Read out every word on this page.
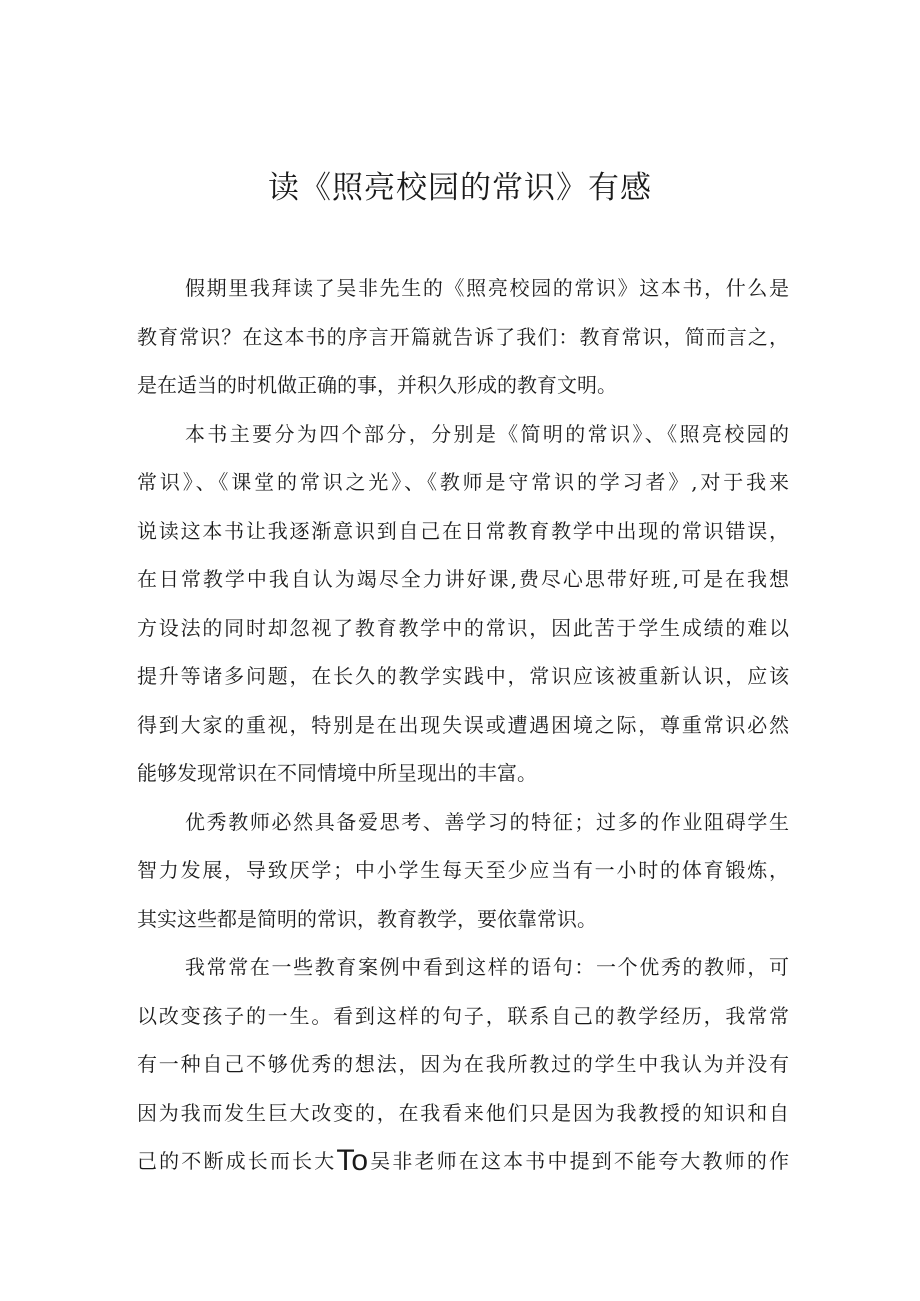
读《照亮校园的常识》有感
假期里我拜读了吴非先生的《照亮校园的常识》这本书，什么是
教育常识？在这本书的序言开篇就告诉了我们：教育常识，简而言之，
是在适当的时机做正确的事，并积久形成的教育文明。
本书主要分为四个部分，分别是《简明的常识》、《照亮校园的
常识》、《课堂的常识之光》、《教师是守常识的学习者》,对于我来
说读这本书让我逐渐意识到自己在日常教育教学中出现的常识错误，
在日常教学中我自认为竭尽全力讲好课,费尽心思带好班,可是在我想
方设法的同时却忽视了教育教学中的常识，因此苦于学生成绩的难以
提升等诸多问题，在长久的教学实践中，常识应该被重新认识，应该
得到大家的重视，特别是在出现失误或遭遇困境之际，尊重常识必然
能够发现常识在不同情境中所呈现出的丰富。
优秀教师必然具备爱思考、善学习的特征；过多的作业阻碍学生
智力发展，导致厌学；中小学生每天至少应当有一小时的体育锻炼，
其实这些都是简明的常识，教育教学，要依靠常识。
我常常在一些教育案例中看到这样的语句：一个优秀的教师，可
以改变孩子的一生。看到这样的句子，联系自己的教学经历，我常常
有一种自己不够优秀的想法，因为在我所教过的学生中我认为并没有
因为我而发生巨大改变的，在我看来他们只是因为我教授的知识和自
己的不断成长而长大To吴非老师在这本书中提到不能夸大教师的作
